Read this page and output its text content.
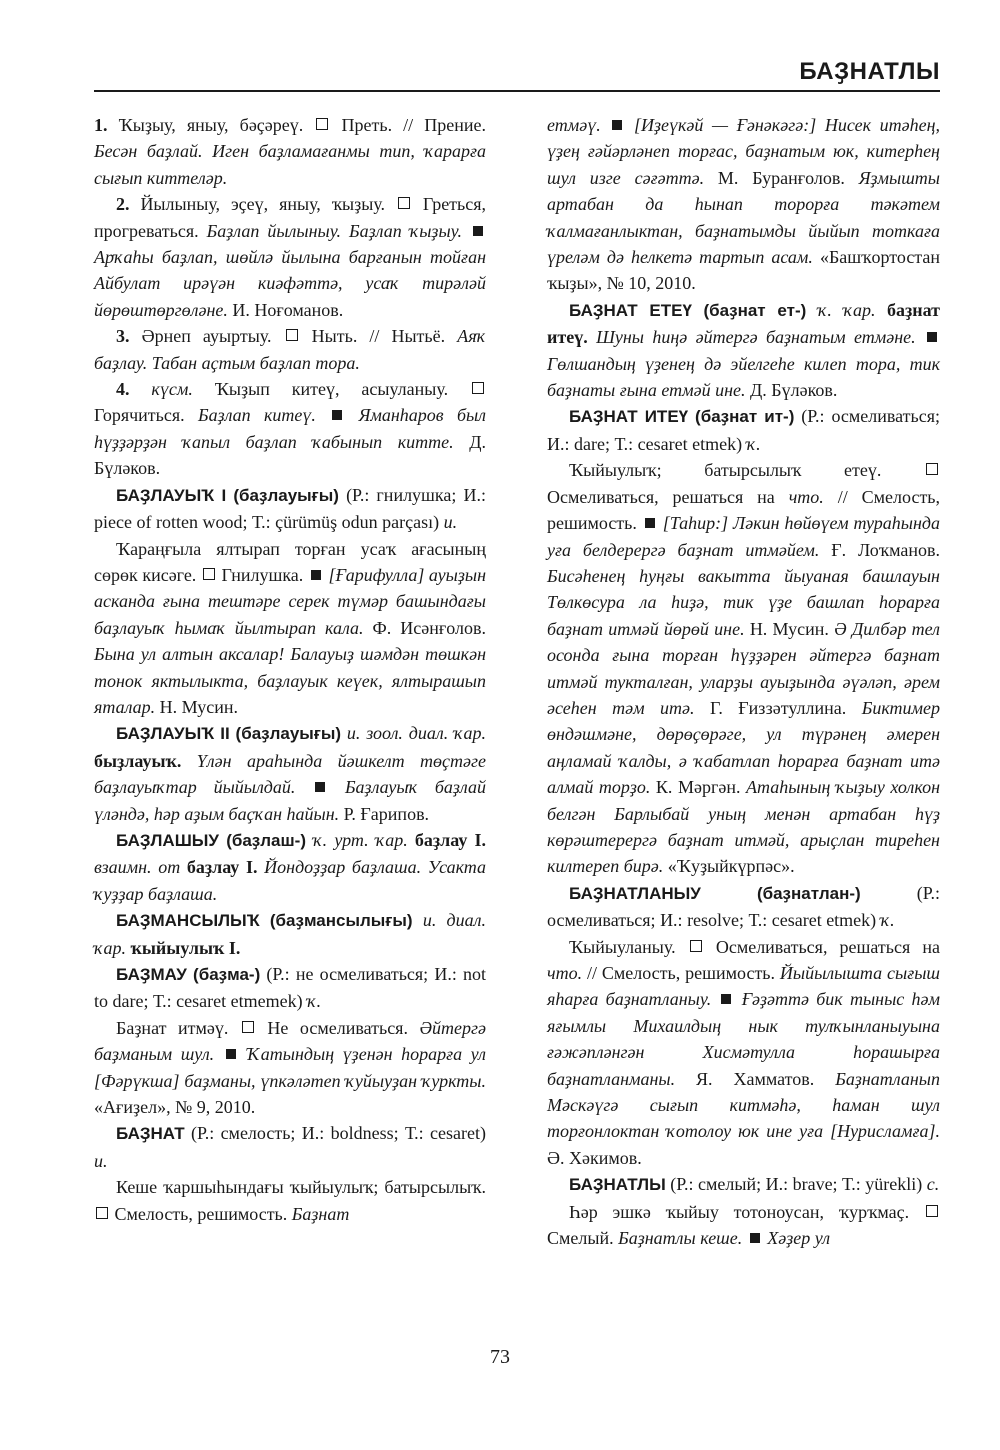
БАҘНАТЛЫ

1. Ҡыҙыу, яныу, бәҫәреү. Преть. // Прение. Бесән баҙлай. Иген баҙламағанмы тип, ҡарарға сығып киттеләр.

2. Йылыныу, эҫеү, яныу, ҡыҙыу. Греться, прогреваться. Баҙлап йылыныу. Баҙлап ҡыҙыу.  Арҡаһы баҙлап, шөйлә йылына барғанын тойған Айбулат ирәүән киәфәттә, усаҡ тирәләй йөрөштөргөләне. И. Ноғоманов.

3. Әрнеп ауыртыу. Ныть. // Нытьё. Аяҡ баҙлау. Табан аҫтым баҙлап тора.

4. күсм. Ҡыҙып китеү, асыуланыу.  Горячиться. Баҙлап китеү. Яманһаров был һүҙҙәрҙән ҡапыл баҙлап ҡабынып китте. Д. Бүләков.

БАҘЛАУЫҠ I (баҙлауығы) (Р.: гнилушка; И.: piece of rotten wood; Т.: çürümüş odun parçası) и.

Ҡараңғыла ялтырап торған усаҡ ағасының сөрөк кисәге. Гнилушка. [Ғарифулла] ауыҙын асканда ғына тештәре серек түмәр башындағы баҙлауыҡ һымаҡ йылтырап кала. Ф. Исәнғолов. Бына ул алтын аксалар! Балауыҙ шәмдән төшкән тонок яктылыкта, баҙлауык кеүек, ялтырашып яталар. Н. Мусин.

БАҘЛАУЫҠ II (баҙлауығы) и. зоол. диал. ҡар. быҙлауыҡ. Үлән араһында йәшкелт төҫтәге баҙлауыҡтар йыйылдай.	Баҙлауыҡ баҙлай үләндә, һәр аҙым баҫҡан һайын. Р. Ғарипов.

БАҘЛАШЫУ (баҙлаш-) ҡ. урт. ҡар. баҙлау I. взаимн. от баҙлау I. Йондоҙҙар баҙлаша. Усакта ҡуҙҙар баҙлаша.

БАҘМАНСЫЛЫҠ (баҙмансылығы) и. диал. ҡар. ҡыйыулыҡ I.

БАҘМАУ (баҙма-) (Р.: не осмеливаться; И.: not to dare; Т.: cesaret etmemek) ҡ.

Баҙнат итмәү. Не осмеливаться. Әйтергә баҙманым шул. Ҡатындың үҙенән һорарға ул [Фәрүкша] баҙманы, үпкәләтеп ҡуйыуҙан ҡуркты. «Ағиҙел», № 9, 2010.

БАҘНАТ (Р.: смелость; И.: boldness; Т.: cesaret) и.

Кеше ҡаршыһындағы ҡыйыулыҡ; батырсылыҡ.  Смелость, решимость. Баҙнат

етмәү. [Иҙеүкәй — Ғәнәкәгә:] Нисек итәһең, үҙең ғәйәрләнеп торғас, баҙнатым юк, китерһең шул изге сәғәттә. М. Буранғолов. Яҙмышты артабан да һынап торорға тәкәтем ҡалмағанлыктан, баҙнатымды йыйып тоткаға үреләм дә һелкетә тартып асам. «Башҡортостан ҡыҙы», № 10, 2010.

БАҘНАТ ЕТЕҮ (баҙнат ет-) ҡ. ҡар. баҙнат итеү. Шуны һиңә әйтергә баҙнатым етмәне.  Гөлшандың үҙенең дә эйелгеһе килеп тора, тик баҙнаты ғына етмәй ине. Д. Бүләков.

БАҘНАТ ИТЕҮ (баҙнат ит-) (Р.: осмеливаться; И.: dare; Т.: cesaret etmek) ҡ.

Ҡыйыулыҡ; батырсылыҡ етеү.  Осмеливаться, решаться на что. // Смелость, решимость. [Таһир:] Ләкин һөйөүем тураһында уға белдерергә баҙнат итмәйем. Ғ. Лоҡманов. Бисәһенең һуңғы вакытта йыуаная башлауын Төлкөсура ла һиҙә, тик үҙе башлап һорарға баҙнат итмәй йөрөй ине. Н. Мусин. Ә Дилбәр тел осонда ғына торған һүҙҙәрен әйтергә баҙнат итмәй тукталған, уларҙы ауыҙында әүәләп, әрем әсеһен тәм итә. Г. Ғиззәтуллина. Биктимер өндәшмәне, дөрөҫөрәге, ул түрәнең әмерен аңламай ҡалды, ә ҡабатлап һорарға баҙнат итә алмай торҙо. К. Мәргән. Атаһының ҡыҙыу холкон белгән Барлыбай уның менән артабан һүҙ көрәштерергә баҙнат итмәй, арыҫлан тиреһен килтереп бирә. «Ҡуҙыйкүрпәс».

БАҘНАТЛАНЫУ	(баҙнатлан-)	(Р.: осмеливаться; И.: resolve; Т.: cesaret etmek) ҡ.

Ҡыйыуланыу. Осмеливаться, решаться на что. // Смелость, решимость. Йыйылышта сығыш яһарға баҙнатланыу. Ғәҙәттә бик тыныс һәм яғымлы Михаилдың нык тулҡынланыуына ғәжәпләнгән Хисмәтулла һорашырға баҙнатланманы. Я. Хамматов. Баҙнатланып Мәскәүгә сығып китмәһә, һаман шул торғонлоктан ҡотолоу юк ине уға [Нурисламға]. Ә. Хәкимов.

БАҘНАТЛЫ (Р.: смелый; И.: brave; Т.: yürekli) с.

Һәр эшкә ҡыйыу тотоноусан, ҡурҡмаҫ.  Смелый. Баҙнатлы кеше. Хәҙер ул

73
